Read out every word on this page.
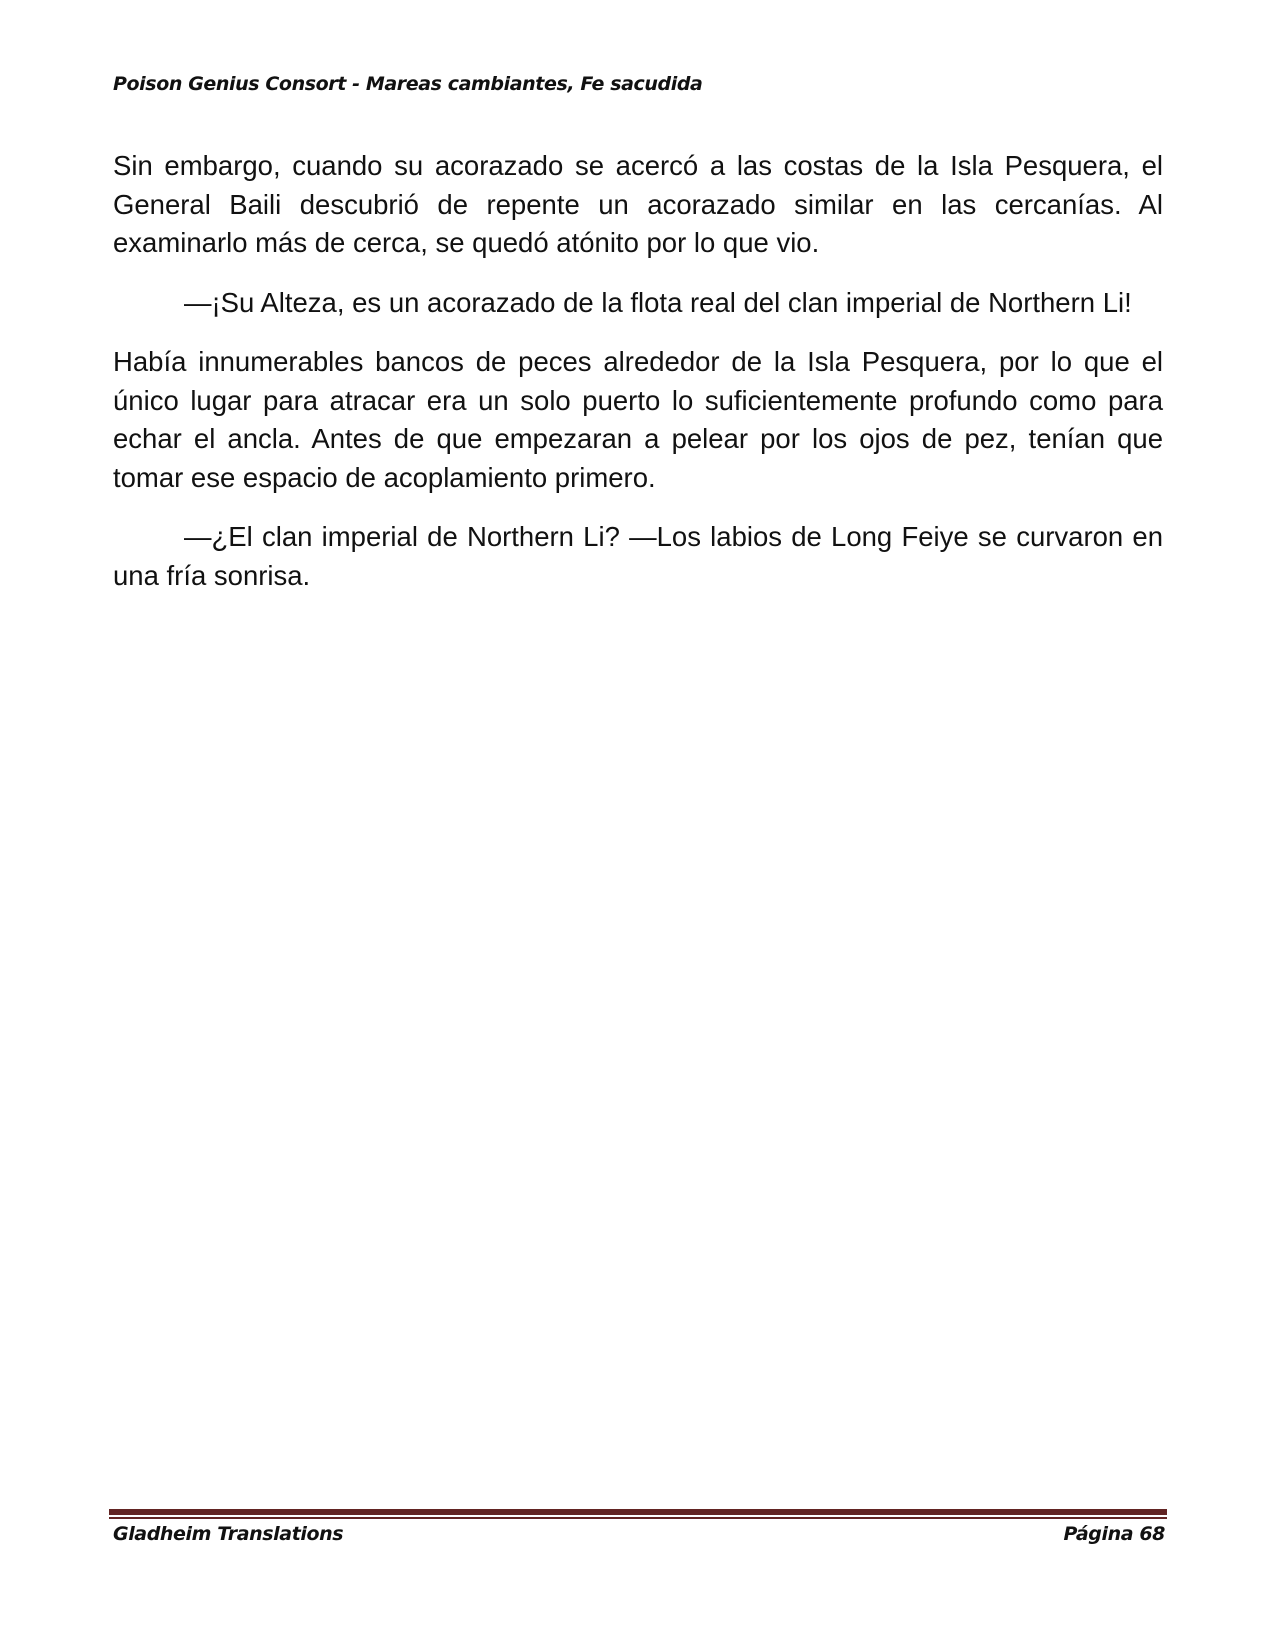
Poison Genius Consort - Mareas cambiantes, Fe sacudida

Sin embargo, cuando su acorazado se acercó a las costas de la Isla Pesquera, el General Baili descubrió de repente un acorazado similar en las cercanías. Al examinarlo más de cerca, se quedó atónito por lo que vio.

—¡Su Alteza, es un acorazado de la flota real del clan imperial de Northern Li!

Había innumerables bancos de peces alrededor de la Isla Pesquera, por lo que el único lugar para atracar era un solo puerto lo suficientemente profundo como para echar el ancla. Antes de que empezaran a pelear por los ojos de pez, tenían que tomar ese espacio de acoplamiento primero.

—¿El clan imperial de Northern Li? —Los labios de Long Feiye se curvaron en una fría sonrisa.

Gladheim Translations	Página 68
